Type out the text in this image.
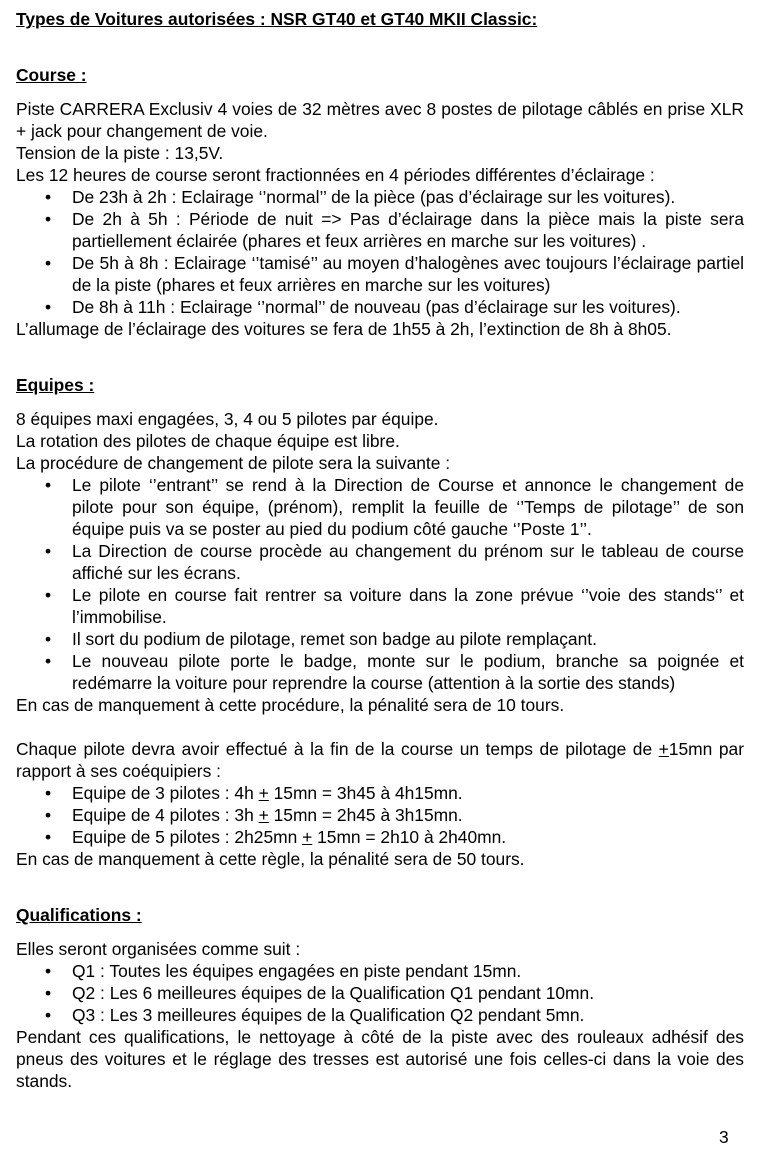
Types de Voitures autorisées : NSR GT40 et GT40 MKII Classic:
Course :

Piste CARRERA Exclusiv 4 voies de 32 mètres avec 8 postes de pilotage câblés en prise XLR + jack pour changement de voie.

Tension de la piste : 13,5V.

Les 12 heures de course seront fractionnées en 4 périodes différentes d’éclairage :

• De 23h à 2h : Eclairage ‘’normal’’ de la pièce (pas d’éclairage sur les voitures).
• De 2h à 5h : Période de nuit => Pas d’éclairage dans la pièce mais la piste sera partiellement éclairée (phares et feux arrières en marche sur les voitures) .
• De 5h à 8h : Eclairage ‘’tamisé’’ au moyen d’halogènes avec toujours l’éclairage partiel de la piste (phares et feux arrières en marche sur les voitures)
• De 8h à 11h : Eclairage ‘’normal’’ de nouveau (pas d’éclairage sur les voitures).

L’allumage de l’éclairage des voitures se fera de 1h55 à 2h, l’extinction de 8h à 8h05.

Equipes :

8 équipes maxi engagées, 3, 4 ou 5 pilotes par équipe.

La rotation des pilotes de chaque équipe est libre.

La procédure de changement de pilote sera la suivante :

• Le pilote ‘’entrant’’ se rend à la Direction de Course et annonce le changement de pilote pour son équipe, (prénom), remplit la feuille de ‘’Temps de pilotage’’ de son équipe puis va se poster au pied du podium côté gauche ‘’Poste 1’’.
• La Direction de course procède au changement du prénom sur le tableau de course affiché sur les écrans.
• Le pilote en course fait rentrer sa voiture dans la zone prévue ‘’voie des stands‘’ et l’immobilise.
• Il sort du podium de pilotage, remet son badge au pilote remplaçant.
• Le nouveau pilote porte le badge, monte sur le podium, branche sa poignée et redémarre la voiture pour reprendre la course (attention à la sortie des stands)

En cas de manquement à cette procédure, la pénalité sera de 10 tours.

Chaque pilote devra avoir effectué à la fin de la course un temps de pilotage de +15mn par rapport à ses coéquipiers :

• Equipe de 3 pilotes : 4h + 15mn = 3h45 à 4h15mn.
• Equipe de 4 pilotes : 3h + 15mn = 2h45 à 3h15mn.
• Equipe de 5 pilotes : 2h25mn + 15mn = 2h10 à 2h40mn.

En cas de manquement à cette règle, la pénalité sera de 50 tours.

Qualifications :

Elles seront organisées comme suit :

• Q1 : Toutes les équipes engagées en piste pendant 15mn.
• Q2 : Les 6 meilleures équipes de la Qualification Q1 pendant 10mn.
• Q3 : Les 3 meilleures équipes de la Qualification Q2 pendant 5mn.

Pendant ces qualifications, le nettoyage à côté de la piste avec des rouleaux adhésif des pneus des voitures et le réglage des tresses est autorisé une fois celles-ci dans la voie des stands.

3
